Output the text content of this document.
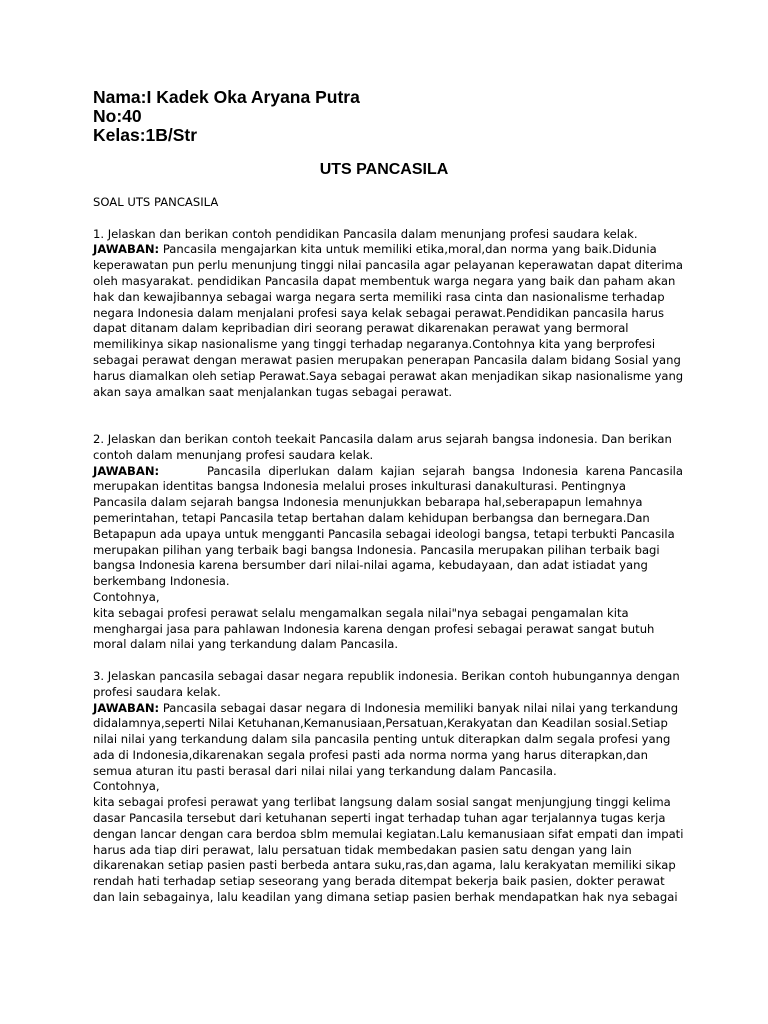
Nama:I Kadek Oka Aryana Putra
No:40
Kelas:1B/Str
UTS PANCASILA

SOAL UTS PANCASILA

1. Jelaskan dan berikan contoh pendidikan Pancasila dalam menunjang profesi saudara kelak.

JAWABAN: Pancasila mengajarkan kita untuk memiliki etika,moral,dan norma yang baik.Didunia

keperawatan pun perlu menunjung tinggi nilai pancasila agar pelayanan keperawatan dapat diterima

oleh masyarakat. pendidikan Pancasila dapat membentuk warga negara yang baik dan paham akan

hak dan kewajibannya sebagai warga negara serta memiliki rasa cinta dan nasionalisme terhadap

negara Indonesia dalam menjalani profesi saya kelak sebagai perawat.Pendidikan pancasila harus

dapat ditanam dalam kepribadian diri seorang perawat dikarenakan perawat yang bermoral

memilikinya sikap nasionalisme yang tinggi terhadap negaranya.Contohnya kita yang berprofesi

sebagai perawat dengan merawat pasien merupakan penerapan Pancasila dalam bidang Sosial yang

harus diamalkan oleh setiap Perawat.Saya sebagai perawat akan menjadikan sikap nasionalisme yang

akan saya amalkan saat menjalankan tugas sebagai perawat.

2. Jelaskan dan berikan contoh teekait Pancasila dalam arus sejarah bangsa indonesia. Dan berikan

contoh dalam menunjang profesi saudara kelak.

JAWABAN:	Pancasila  diperlukan  dalam  kajian  sejarah  bangsa  Indonesia  karena Pancasila

merupakan identitas bangsa Indonesia melalui proses inkulturasi danakulturasi. Pentingnya

Pancasila dalam sejarah bangsa Indonesia menunjukkan bebarapa hal,seberapapun lemahnya

pemerintahan, tetapi Pancasila tetap bertahan dalam kehidupan berbangsa dan bernegara.Dan

Betapapun ada upaya untuk mengganti Pancasila sebagai ideologi bangsa, tetapi terbukti Pancasila

merupakan pilihan yang terbaik bagi bangsa Indonesia. Pancasila merupakan pilihan terbaik bagi

bangsa Indonesia karena bersumber dari nilai-nilai agama, kebudayaan, dan adat istiadat yang

berkembang Indonesia.

Contohnya,

kita sebagai profesi perawat selalu mengamalkan segala nilai"nya sebagai pengamalan kita

menghargai jasa para pahlawan Indonesia karena dengan profesi sebagai perawat sangat butuh

moral dalam nilai yang terkandung dalam Pancasila.

3. Jelaskan pancasila sebagai dasar negara republik indonesia. Berikan contoh hubungannya dengan

profesi saudara kelak.

JAWABAN: Pancasila sebagai dasar negara di Indonesia memiliki banyak nilai nilai yang terkandung

didalamnya,seperti Nilai Ketuhanan,Kemanusiaan,Persatuan,Kerakyatan dan Keadilan sosial.Setiap

nilai nilai yang terkandung dalam sila pancasila penting untuk diterapkan dalm segala profesi yang

ada di Indonesia,dikarenakan segala profesi pasti ada norma norma yang harus diterapkan,dan

semua aturan itu pasti berasal dari nilai nilai yang terkandung dalam Pancasila.

Contohnya,

kita sebagai profesi perawat yang terlibat langsung dalam sosial sangat menjungjung tinggi kelima

dasar Pancasila tersebut dari ketuhanan seperti ingat terhadap tuhan agar terjalannya tugas kerja

dengan lancar dengan cara berdoa sblm memulai kegiatan.Lalu kemanusiaan sifat empati dan impati

harus ada tiap diri perawat, lalu persatuan tidak membedakan pasien satu dengan yang lain

dikarenakan setiap pasien pasti berbeda antara suku,ras,dan agama, lalu kerakyatan memiliki sikap

rendah hati terhadap setiap seseorang yang berada ditempat bekerja baik pasien, dokter perawat

dan lain sebagainya, lalu keadilan yang dimana setiap pasien berhak mendapatkan hak nya sebagai
